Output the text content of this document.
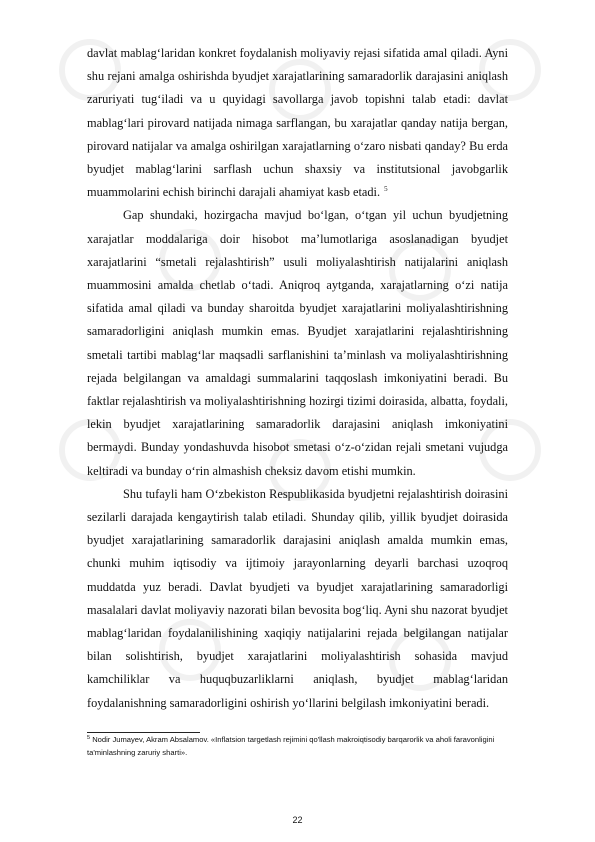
davlat mablag‘laridan konkret foydalanish moliyaviy rejasi sifatida amal qiladi. Ayni shu rejani amalga oshirishda byudjet xarajatlarining samaradorlik darajasini aniqlash zaruriyati tug‘iladi va u quyidagi savollarga javob topishni talab etadi: davlat mablag‘lari pirovard natijada nimaga sarflangan, bu xarajatlar qanday natija bergan, pirovard natijalar va amalga oshirilgan xarajatlarning o‘zaro nisbati qanday? Bu erda byudjet mablag‘larini sarflash uchun shaxsiy va institutsional javobgarlik muammolarini echish birinchi darajali ahamiyat kasb etadi. $^5$

Gap shundaki, hozirgacha mavjud bo‘lgan, o‘tgan yil uchun byudjetning xarajatlar moddalariga doir hisobot ma’lumotlariga asoslanadigan byudjet xarajatlarini “smetali rejalashtirish” usuli moliyalashtirish natijalarini aniqlash muammosini amalda chetlab o‘tadi. Aniqroq aytganda, xarajatlarning o‘zi natija sifatida amal qiladi va bunday sharoitda byudjet xarajatlarini moliyalashtirishning samaradorligini aniqlash mumkin emas. Byudjet xarajatlarini rejalashtirishning smetali tartibi mablag‘lar maqsadli sarflanishini ta’minlash va moliyalashtirishning rejada belgilangan va amaldagi summalarini taqqoslash imkoniyatini beradi. Bu faktlar rejalashtirish va moliyalashtirishning hozirgi tizimi doirasida, albatta, foydali, lekin byudjet xarajatlarining samaradorlik darajasini aniqlash imkoniyatini bermaydi. Bunday yondashuvda hisobot smetasi o‘z-o‘zidan rejali smetani vujudga keltiradi va bunday o‘rin almashish cheksiz davom etishi mumkin.

Shu tufayli ham O‘zbekiston Respublikasida byudjetni rejalashtirish doirasini sezilarli darajada kengaytirish talab etiladi. Shunday qilib, yillik byudjet doirasida byudjet xarajatlarining samaradorlik darajasini aniqlash amalda mumkin emas, chunki muhim iqtisodiy va ijtimoiy jarayonlarning deyarli barchasi uzoqroq muddatda yuz beradi. Davlat byudjeti va byudjet xarajatlarining samaradorligi masalalari davlat moliyaviy nazorati bilan bevosita bog‘liq. Ayni shu nazorat byudjet mablag‘laridan foydalanilishining xaqiqiy natijalarini rejada belgilangan natijalar bilan solishtirish, byudjet xarajatlarini moliyalashtirish sohasida mavjud kamchiliklar va huquqbuzarliklarni aniqlash, byudjet mablag‘laridan foydalanishning samaradorligini oshirish yo‘llarini belgilash imkoniyatini beradi.

$^5$ Nodir Jumayev, Akram Absalamov. «Inflatsion targetlash rejimini qo'llash makroiqtisodiy barqarorlik va aholi faravonligini ta'minlashning zaruriy sharti».
22
